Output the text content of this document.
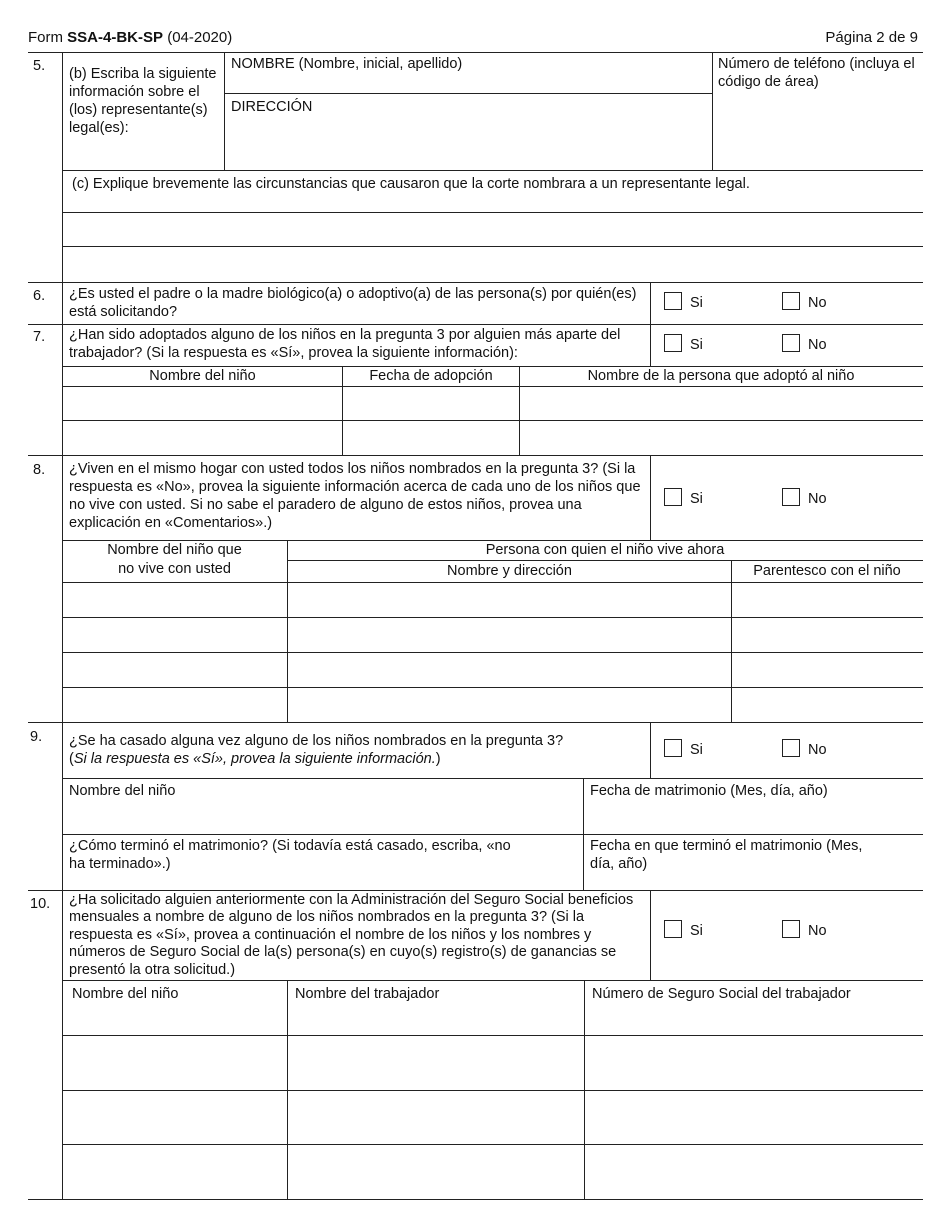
Form SSA-4-BK-SP (04-2020)	Página 2 de 9
5. (b) Escriba la siguiente información sobre el (los) representante(s) legal(es):
NOMBRE (Nombre, inicial, apellido)
DIRECCIÓN
Número de teléfono (incluya el código de área)
(c) Explique brevemente las circunstancias que causaron que la corte nombrara a un representante legal.
6. ¿Es usted el padre o la madre biológico(a) o adoptivo(a) de las persona(s) por quién(es) está solicitando?
Si	No
7. ¿Han sido adoptados alguno de los niños en la pregunta 3 por alguien más aparte del trabajador? (Si la respuesta es «Sí», provea la siguiente información):
Si	No
Nombre del niño	Fecha de adopción	Nombre de la persona que adoptó al niño
8. ¿Viven en el mismo hogar con usted todos los niños nombrados en la pregunta 3? (Si la respuesta es «No», provea la siguiente información acerca de cada uno de los niños que no vive con usted. Si no sabe el paradero de alguno de estos niños, provea una explicación en «Comentarios».)
Si	No
Nombre del niño que
no vive con usted
Persona con quien el niño vive ahora
Nombre y dirección	Parentesco con el niño
9. ¿Se ha casado alguna vez alguno de los niños nombrados en la pregunta 3?
(Si la respuesta es «Sí», provea la siguiente información.)
Si	No
Nombre del niño	Fecha de matrimonio (Mes, día, año)
¿Cómo terminó el matrimonio? (Si todavía está casado, escriba, «no ha terminado».)
Fecha en que terminó el matrimonio (Mes, día, año)
10. ¿Ha solicitado alguien anteriormente con la Administración del Seguro Social beneficios mensuales a nombre de alguno de los niños nombrados en la pregunta 3? (Si la respuesta es «Sí», provea a continuación el nombre de los niños y los nombres y números de Seguro Social de la(s) persona(s) en cuyo(s) registro(s) de ganancias se presentó la otra solicitud.)
Si	No
Nombre del niño	Nombre del trabajador	Número de Seguro Social del trabajador
